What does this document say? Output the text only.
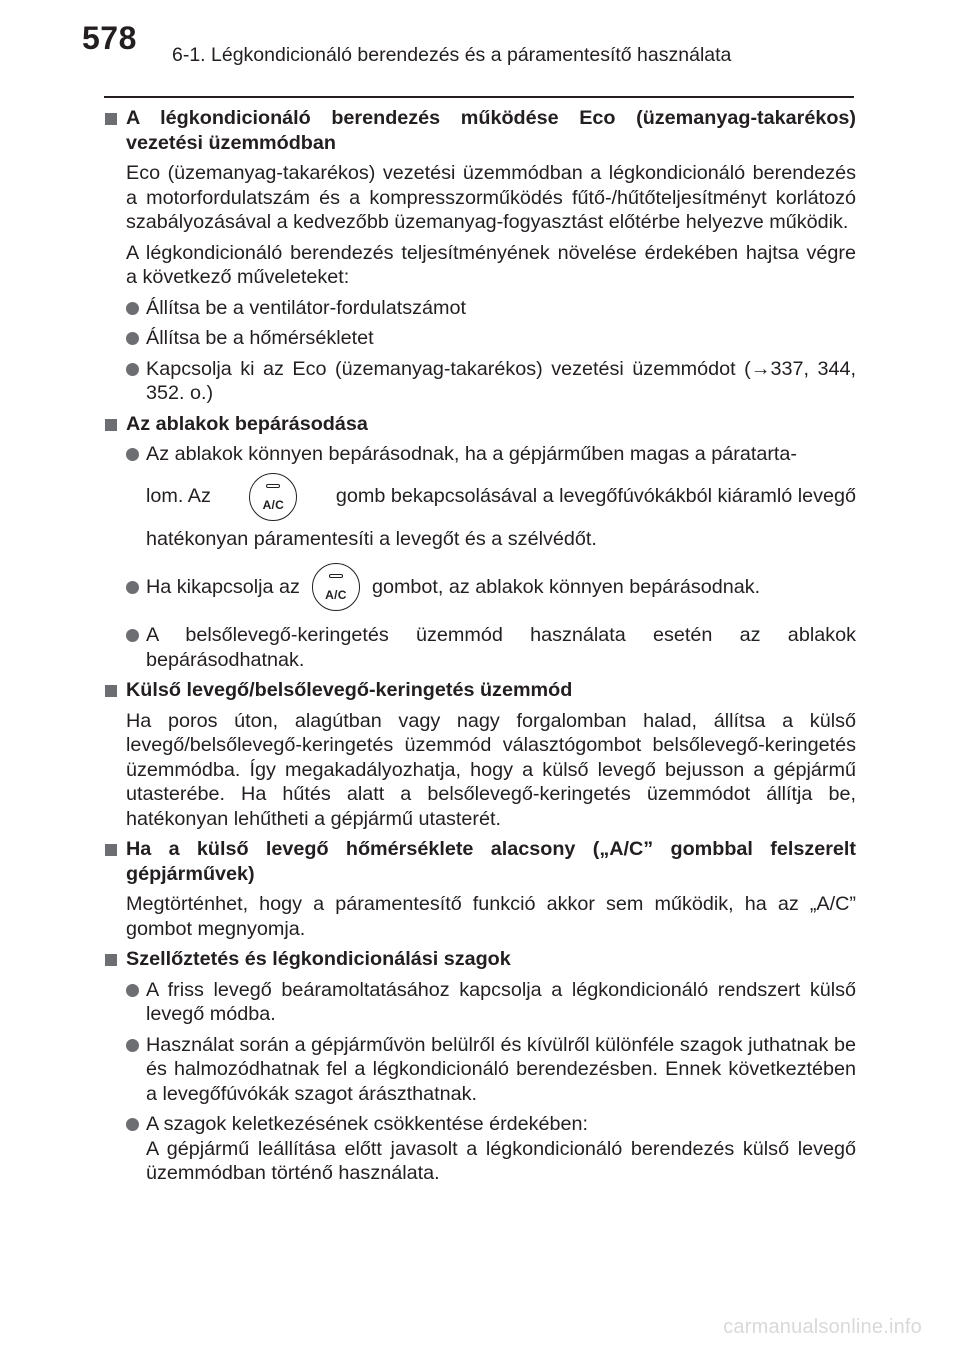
578 6-1. Légkondicionáló berendezés és a páramentesítő használata
A légkondicionáló berendezés működése Eco (üzemanyag-takarékos) vezetési üzemmódban
Eco (üzemanyag-takarékos) vezetési üzemmódban a légkondicionáló berendezés a motorfordulatszám és a kompresszorműködés fűtő-/hűtőteljesítményt korlátozó szabályozásával a kedvezőbb üzemanyag-fogyasztást előtérbe helyezve működik.
A légkondicionáló berendezés teljesítményének növelése érdekében hajtsa végre a következő műveleteket:
Állítsa be a ventilátor-fordulatszámot
Állítsa be a hőmérsékletet
Kapcsolja ki az Eco (üzemanyag-takarékos) vezetési üzemmódot (→337, 344, 352. o.)
Az ablakok bepárásodása
Az ablakok könnyen bepárásodnak, ha a gépjárműben magas a páratarta-
lom. Az	A/C	gomb bekapcsolásával a levegőfúvókákból kiáramló levegő
hatékonyan páramentesíti a levegőt és a szélvédőt.
Ha kikapcsolja az	A/C	gombot, az ablakok könnyen bepárásodnak.
A belsőlevegő-keringetés üzemmód használata esetén az ablakok bepárásodhatnak.
Külső levegő/belsőlevegő-keringetés üzemmód
Ha poros úton, alagútban vagy nagy forgalomban halad, állítsa a külső levegő/belsőlevegő-keringetés üzemmód választógombot belsőlevegő-keringetés üzemmódba. Így megakadályozhatja, hogy a külső levegő bejusson a gépjármű utasterébe. Ha hűtés alatt a belsőlevegő-keringetés üzemmódot állítja be, hatékonyan lehűtheti a gépjármű utasterét.
Ha a külső levegő hőmérséklete alacsony („A/C” gombbal felszerelt gépjárművek)
Megtörténhet, hogy a páramentesítő funkció akkor sem működik, ha az „A/C” gombot megnyomja.
Szellőztetés és légkondicionálási szagok
A friss levegő beáramoltatásához kapcsolja a légkondicionáló rendszert külső levegő módba.
Használat során a gépjárművön belülről és kívülről különféle szagok juthatnak be és halmozódhatnak fel a légkondicionáló berendezésben. Ennek következtében a levegőfúvókák szagot árászthatnak.
A szagok keletkezésének csökkentése érdekében:
A gépjármű leállítása előtt javasolt a légkondicionáló berendezés külső levegő üzemmódban történő használata.
carmanualsonline.info
